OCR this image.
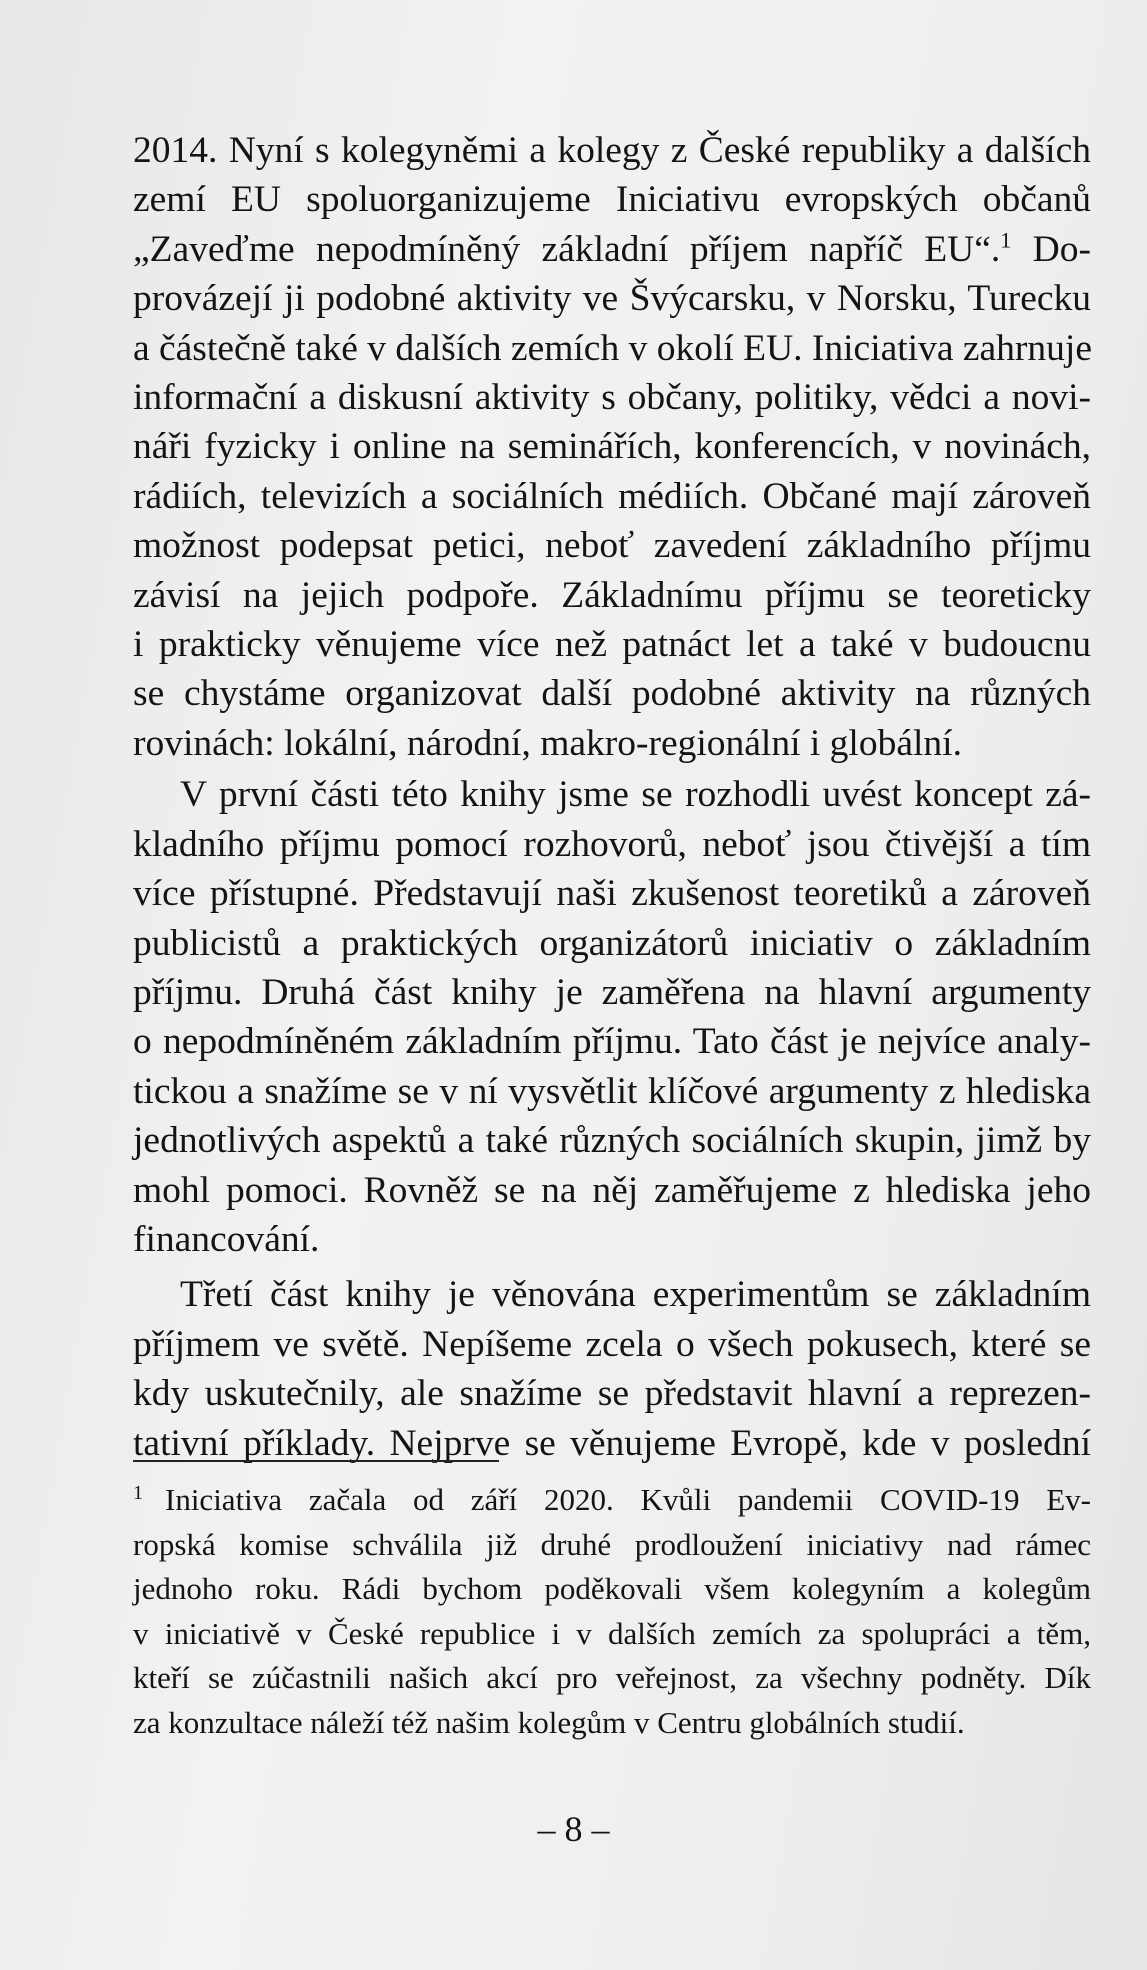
2014. Nyní s kolegyněmi a kolegy z České republiky a dalších
zemí EU spoluorganizujeme Iniciativu evropských občanů
„Zaveďme nepodmíněný základní příjem napříč EU“.$^1$ Do-
provázejí ji podobné aktivity ve Švýcarsku, v Norsku, Turecku
a částečně také v dalších zemích v okolí EU. Iniciativa zahrnuje
informační a diskusní aktivity s občany, politiky, vědci a novi-
náři fyzicky i online na seminářích, konferencích, v novinách,
rádiích, televizích a sociálních médiích. Občané mají zároveň
možnost podepsat petici, neboť zavedení základního příjmu
závisí na jejich podpoře. Základnímu příjmu se teoreticky
i prakticky věnujeme více než patnáct let a také v budoucnu
se chystáme organizovat další podobné aktivity na různých
rovinách: lokální, národní, makro-regionální i globální.

V první části této knihy jsme se rozhodli uvést koncept zá-
kladního příjmu pomocí rozhovorů, neboť jsou čtivější a tím
více přístupné. Představují naši zkušenost teoretiků a zároveň
publicistů a praktických organizátorů iniciativ o základním
příjmu. Druhá část knihy je zaměřena na hlavní argumenty
o nepodmíněném základním příjmu. Tato část je nejvíce analy-
tickou a snažíme se v ní vysvětlit klíčové argumenty z hlediska
jednotlivých aspektů a také různých sociálních skupin, jimž by
mohl pomoci. Rovněž se na něj zaměřujeme z hlediska jeho
financování.

Třetí část knihy je věnována experimentům se základním
příjmem ve světě. Nepíšeme zcela o všech pokusech, které se
kdy uskutečnily, ale snažíme se představit hlavní a reprezen-
tativní příklady. Nejprve se věnujeme Evropě, kde v poslední

$^1$ Iniciativa začala od září 2020. Kvůli pandemii COVID-19 Ev-
ropská komise schválila již druhé prodloužení iniciativy nad rámec
jednoho roku. Rádi bychom poděkovali všem kolegyním a kolegům
v iniciativě v České republice i v dalších zemích za spolupráci a těm,
kteří se zúčastnili našich akcí pro veřejnost, za všechny podněty. Dík
za konzultace náleží též našim kolegům v Centru globálních studií.
– 8 –
